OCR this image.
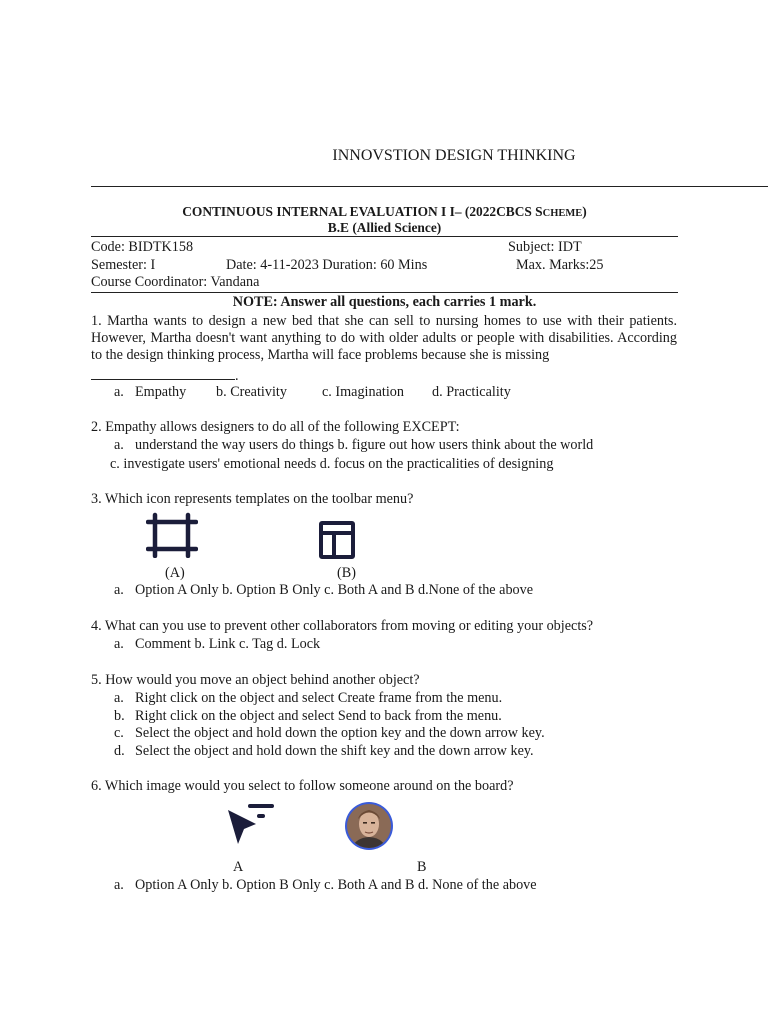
INNOVSTION DESIGN THINKING
CONTINUOUS INTERNAL EVALUATION I I– (2022CBCS SCHEME)
B.E (Allied Science)
Code: BIDTK158	Subject: IDT
Semester: I	Date: 4-11-2023 Duration: 60 Mins	Max. Marks:25
Course Coordinator: Vandana
NOTE: Answer all questions, each carries 1 mark.
1. Martha wants to design a new bed that she can sell to nursing homes to use with their patients. However, Martha doesn't want anything to do with older adults or people with disabilities. According to the design thinking process, Martha will face problems because she is missing
.
a. Empathy b. Creativity c. Imagination d. Practicality
2. Empathy allows designers to do all of the following EXCEPT:
a. understand the way users do things b. figure out how users think about the world
c. investigate users' emotional needs d. focus on the practicalities of designing
3. Which icon represents templates on the toolbar menu?
(A)	(B)
a. Option A Only b. Option B Only c. Both A and B d.None of the above
4. What can you use to prevent other collaborators from moving or editing your objects?
a. Comment b. Link c. Tag d. Lock
5. How would you move an object behind another object?
a. Right click on the object and select Create frame from the menu.
b. Right click on the object and select Send to back from the menu.
c. Select the object and hold down the option key and the down arrow key.
d. Select the object and hold down the shift key and the down arrow key.
6. Which image would you select to follow someone around on the board?
A	B
a. Option A Only b. Option B Only c. Both A and B d. None of the above
